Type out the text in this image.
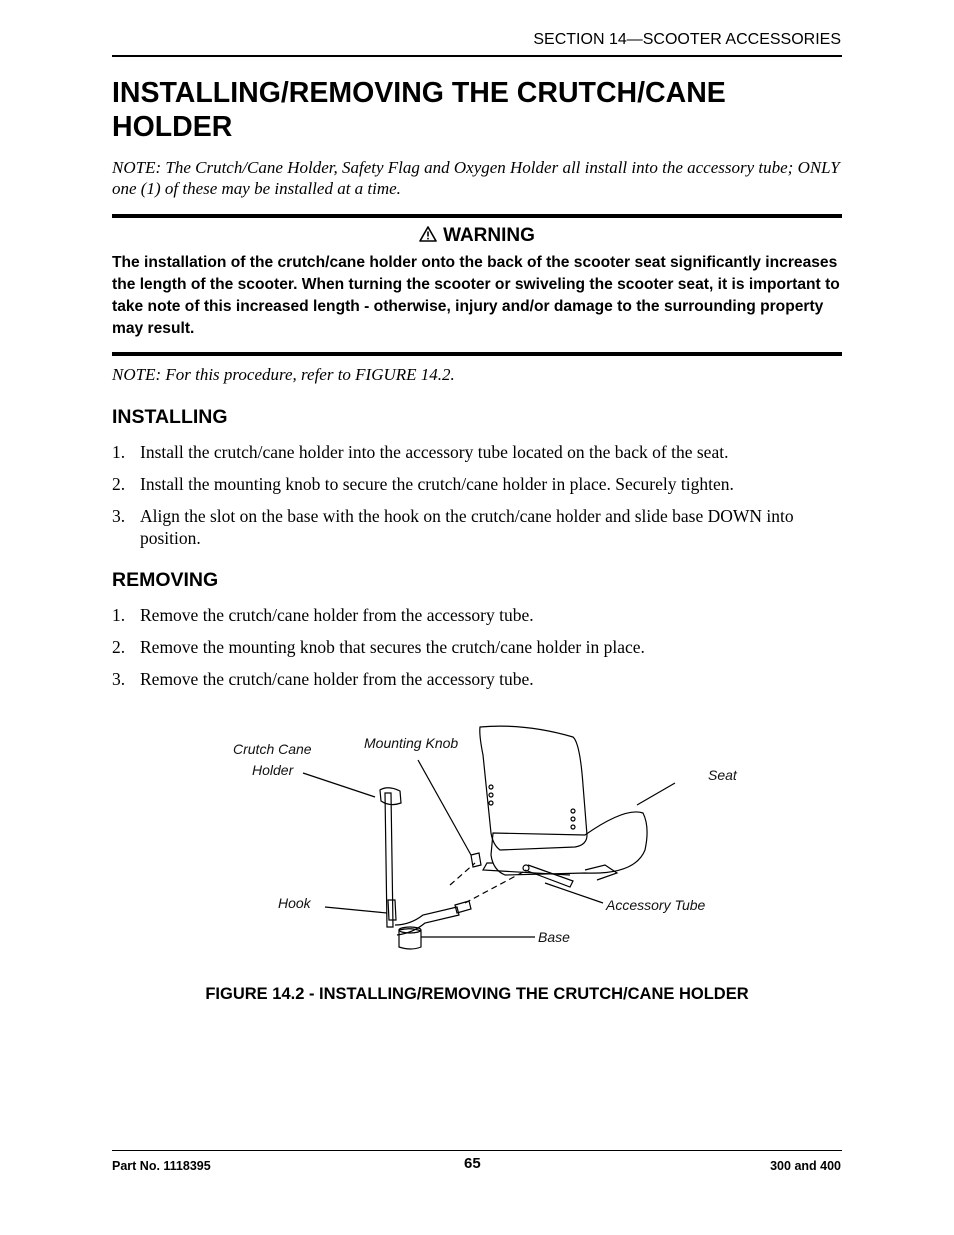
SECTION 14—SCOOTER ACCESSORIES
INSTALLING/REMOVING THE CRUTCH/CANE HOLDER
NOTE: The Crutch/Cane Holder, Safety Flag and Oxygen Holder all install into the accessory tube; ONLY one (1) of these may be installed at a time.
WARNING
The installation of the crutch/cane holder onto the back of the scooter seat significantly increases the length of the scooter. When turning the scooter or swiveling the scooter seat, it is important to take note of this increased length - otherwise, injury and/or damage to the surrounding property may result.
NOTE: For this procedure, refer to FIGURE 14.2.
INSTALLING
1. Install the crutch/cane holder into the accessory tube located on the back of the seat.
2. Install the mounting knob to secure the crutch/cane holder in place. Securely tighten.
3. Align the slot on the base with the hook on the crutch/cane holder and slide base DOWN into position.
REMOVING
1. Remove the crutch/cane holder from the accessory tube.
2. Remove the mounting knob that secures the crutch/cane holder in place.
3. Remove the crutch/cane holder from the accessory tube.
Crutch Cane
Holder
Mounting Knob
Seat
Hook	Accessory Tube
Base
FIGURE 14.2 - INSTALLING/REMOVING THE CRUTCH/CANE HOLDER
Part No. 1118395	65	300 and 400
